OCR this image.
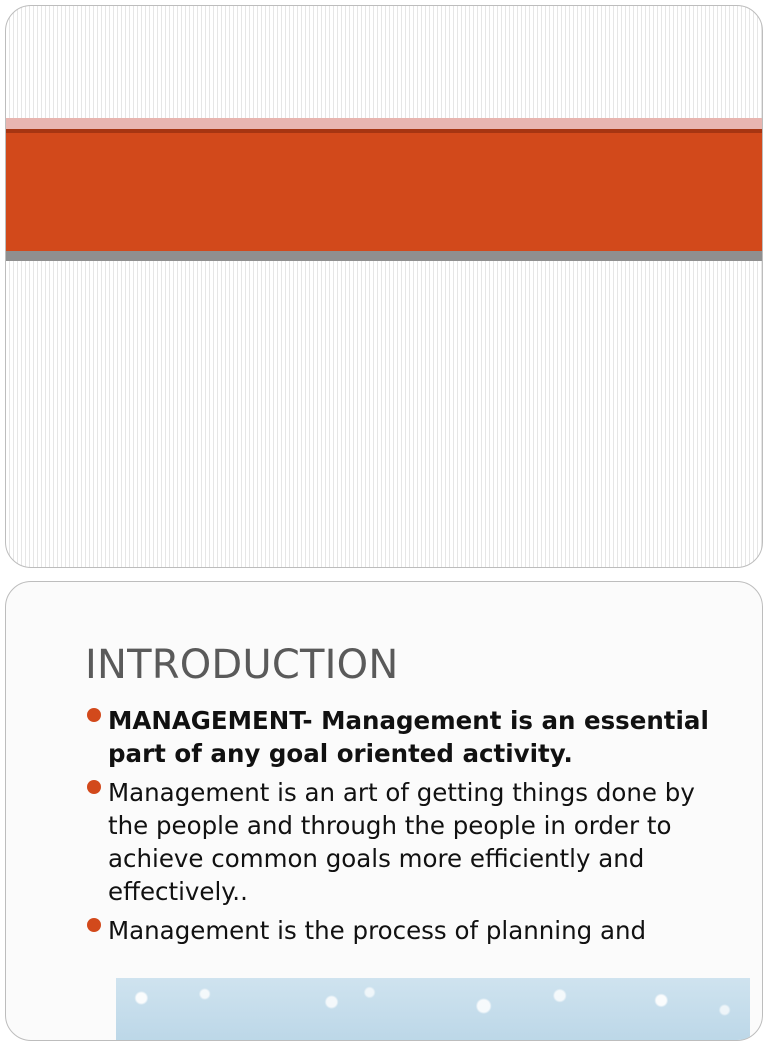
INTRODUCTION
MANAGEMENT- Management is an essential part of any goal oriented activity.
Management is an art of getting things done by the people and through the people in order to achieve common goals more efficiently and effectively..
Management is the process of planning and
